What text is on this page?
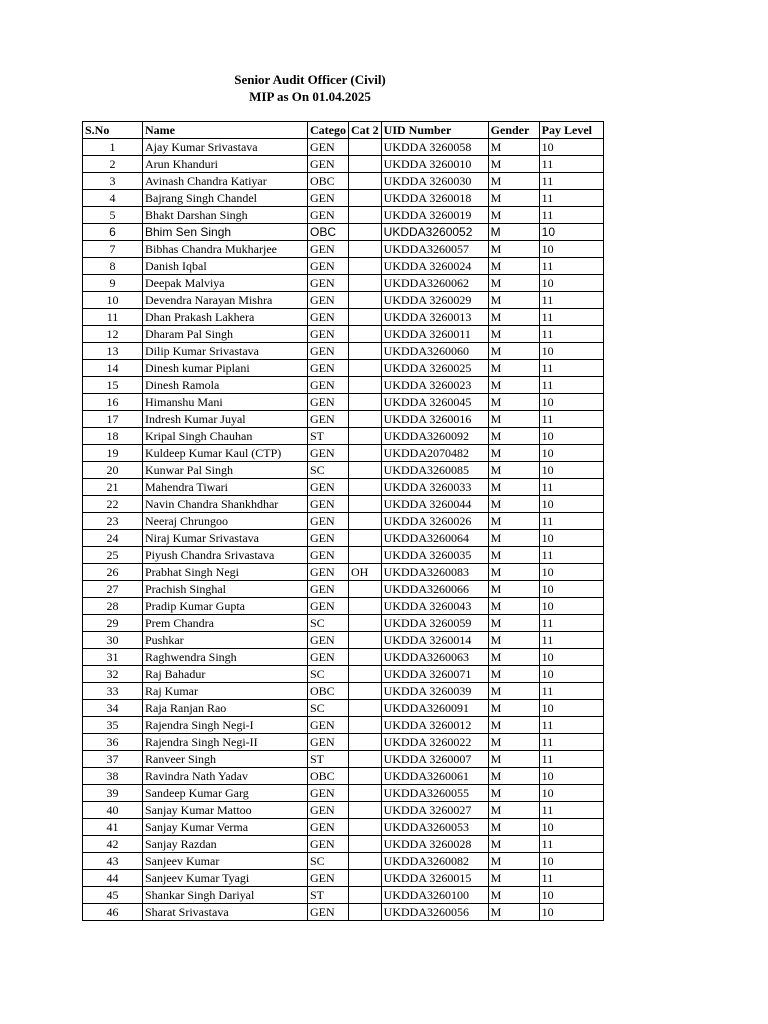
Senior Audit Officer (Civil)
MIP as On 01.04.2025
S.No	Name	Catego	Cat 2	UID Number	Gender	Pay Level
1	Ajay Kumar Srivastava	GEN		UKDDA 3260058	M	10
2	Arun Khanduri	GEN		UKDDA 3260010	M	11
3	Avinash Chandra Katiyar	OBC		UKDDA 3260030	M	11
4	Bajrang Singh Chandel	GEN		UKDDA 3260018	M	11
5	Bhakt Darshan Singh	GEN		UKDDA 3260019	M	11
6	Bhim Sen Singh	OBC		UKDDA3260052	M	10
7	Bibhas Chandra Mukharjee	GEN		UKDDA3260057	M	10
8	Danish Iqbal	GEN		UKDDA 3260024	M	11
9	Deepak Malviya	GEN		UKDDA3260062	M	10
10	Devendra Narayan Mishra	GEN		UKDDA 3260029	M	11
11	Dhan Prakash Lakhera	GEN		UKDDA 3260013	M	11
12	Dharam Pal Singh	GEN		UKDDA 3260011	M	11
13	Dilip Kumar Srivastava	GEN		UKDDA3260060	M	10
14	Dinesh kumar Piplani	GEN		UKDDA 3260025	M	11
15	Dinesh Ramola	GEN		UKDDA 3260023	M	11
16	Himanshu Mani	GEN		UKDDA 3260045	M	10
17	Indresh Kumar Juyal	GEN		UKDDA 3260016	M	11
18	Kripal Singh Chauhan	ST		UKDDA3260092	M	10
19	Kuldeep Kumar Kaul (CTP)	GEN		UKDDA2070482	M	10
20	Kunwar Pal Singh	SC		UKDDA3260085	M	10
21	Mahendra Tiwari	GEN		UKDDA 3260033	M	11
22	Navin Chandra Shankhdhar	GEN		UKDDA 3260044	M	10
23	Neeraj Chrungoo	GEN		UKDDA 3260026	M	11
24	Niraj Kumar Srivastava	GEN		UKDDA3260064	M	10
25	Piyush Chandra Srivastava	GEN		UKDDA 3260035	M	11
26	Prabhat Singh Negi	GEN	OH	UKDDA3260083	M	10
27	Prachish Singhal	GEN		UKDDA3260066	M	10
28	Pradip Kumar Gupta	GEN		UKDDA 3260043	M	10
29	Prem Chandra	SC		UKDDA 3260059	M	11
30	Pushkar	GEN		UKDDA 3260014	M	11
31	Raghwendra Singh	GEN		UKDDA3260063	M	10
32	Raj Bahadur	SC		UKDDA 3260071	M	10
33	Raj Kumar	OBC		UKDDA 3260039	M	11
34	Raja Ranjan Rao	SC		UKDDA3260091	M	10
35	Rajendra Singh Negi-I	GEN		UKDDA 3260012	M	11
36	Rajendra Singh Negi-II	GEN		UKDDA 3260022	M	11
37	Ranveer Singh	ST		UKDDA 3260007	M	11
38	Ravindra Nath Yadav	OBC		UKDDA3260061	M	10
39	Sandeep Kumar Garg	GEN		UKDDA3260055	M	10
40	Sanjay Kumar Mattoo	GEN		UKDDA 3260027	M	11
41	Sanjay Kumar Verma	GEN		UKDDA3260053	M	10
42	Sanjay Razdan	GEN		UKDDA 3260028	M	11
43	Sanjeev Kumar	SC		UKDDA3260082	M	10
44	Sanjeev Kumar Tyagi	GEN		UKDDA 3260015	M	11
45	Shankar Singh Dariyal	ST		UKDDA3260100	M	10
46	Sharat Srivastava	GEN		UKDDA3260056	M	10
